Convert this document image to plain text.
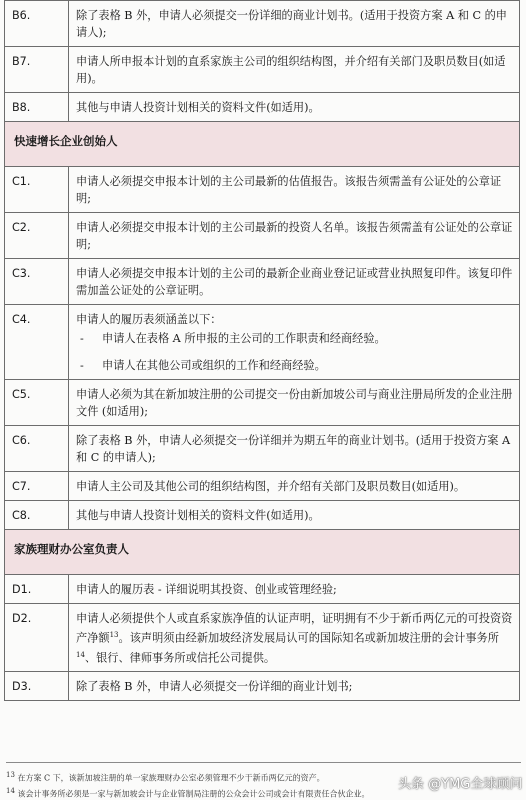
B6.	除了表格 B 外，申请人必须提交一份详细的商业计划书。(适用于投资方案 A 和 C 的申请人);
B7.	申请人所申报本计划的直系家族主公司的组织结构图，并介绍有关部门及职员数目(如适用)。
B8.	其他与申请人投资计划相关的资料文件(如适用)。
快速增长企业创始人	
C1.	申请人必须提交申报本计划的主公司最新的估值报告。该报告须需盖有公证处的公章证明;
C2.	申请人必须提交申报本计划的主公司最新的投资人名单。该报告须需盖有公证处的公章证明;
C3.	申请人必须提交申报本计划的主公司的最新企业商业登记证或营业执照复印件。该复印件需加盖公证处的公章证明。
C4.	申请人的履历表须涵盖以下：
- 申请人在表格 A 所申报的主公司的工作职责和经商经验。
- 申请人在其他公司或组织的工作和经商经验。

C5.	申请人必须为其在新加坡注册的公司提交一份由新加坡公司与商业注册局所发的企业注册文件 (如适用);
C6.	除了表格 B 外，申请人必须提交一份详细并为期五年的商业计划书。(适用于投资方案 A 和 C 的申请人);
C7.	申请人主公司及其他公司的组织结构图，并介绍有关部门及职员数目(如适用)。
C8.	其他与申请人投资计划相关的资料文件(如适用)。
家族理财办公室负责人	
D1.	申请人的履历表 - 详细说明其投资、创业或管理经验;
D2.	申请人必须提供个人或直系家族净值的认证声明，证明拥有不少于新币两亿元的可投资资产净额$^{13}$。该声明须由经新加坡经济发展局认可的国际知名或新加坡注册的会计事务所$^{14}$、银行、律师事务所或信托公司提供。
D3.	除了表格 B 外，申请人必须提交一份详细的商业计划书;
$^{13}$ 在方案 C 下，该新加坡注册的单一家族理财办公室必须管理不少于新币两亿元的资产。
$^{14}$ 该会计事务所必须是一家与新加坡会计与企业管制局注册的公众会计公司或会计有限责任合伙企业。
头条 @YMG全球顾问
